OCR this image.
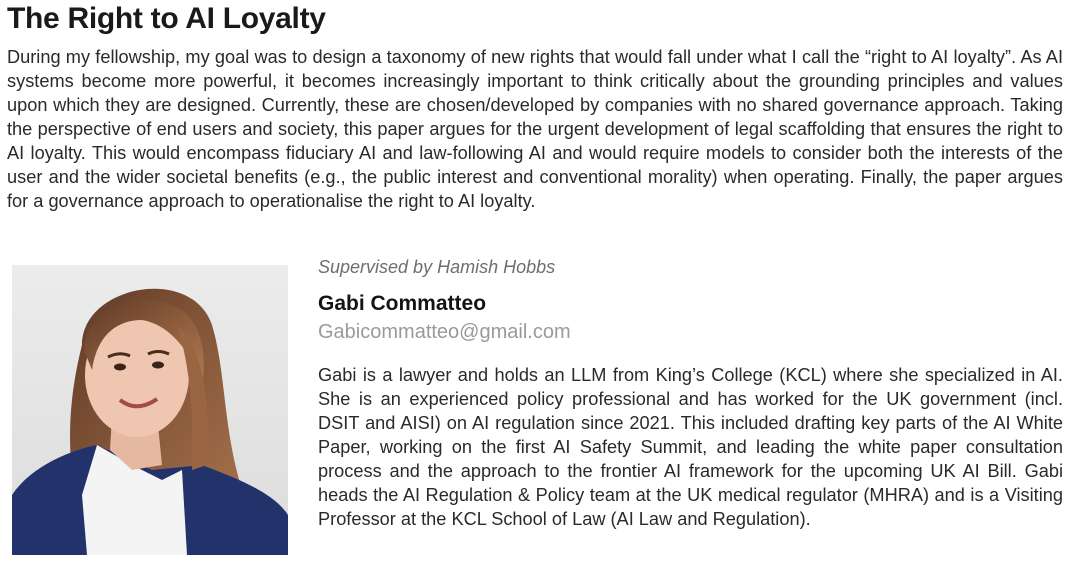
The Right to AI Loyalty

During my fellowship, my goal was to design a taxonomy of new rights that would fall under what I call the “right to AI loyalty”. As AI systems become more powerful, it becomes increasingly important to think critically about the grounding principles and values upon which they are designed. Currently, these are chosen/developed by companies with no shared governance approach. Taking the perspective of end users and society, this paper argues for the urgent development of legal scaffolding that ensures the right to AI loyalty. This would encompass fiduciary AI and law-following AI and would require models to consider both the interests of the user and the wider societal benefits (e.g., the public interest and conventional morality) when operating. Finally, the paper argues for a governance approach to operationalise the right to AI loyalty.

Supervised by Hamish Hobbs

Gabi Commatteo

Gabicommatteo@gmail.com

Gabi is a lawyer and holds an LLM from King’s College (KCL) where she specialized in AI. She is an experienced policy professional and has worked for the UK government (incl. DSIT and AISI) on AI regulation since 2021. This included drafting key parts of the AI White Paper, working on the first AI Safety Summit, and leading the white paper consultation process and the approach to the frontier AI framework for the upcoming UK AI Bill. Gabi heads the AI Regulation & Policy team at the UK medical regulator (MHRA) and is a Visiting Professor at the KCL School of Law (AI Law and Regulation).
